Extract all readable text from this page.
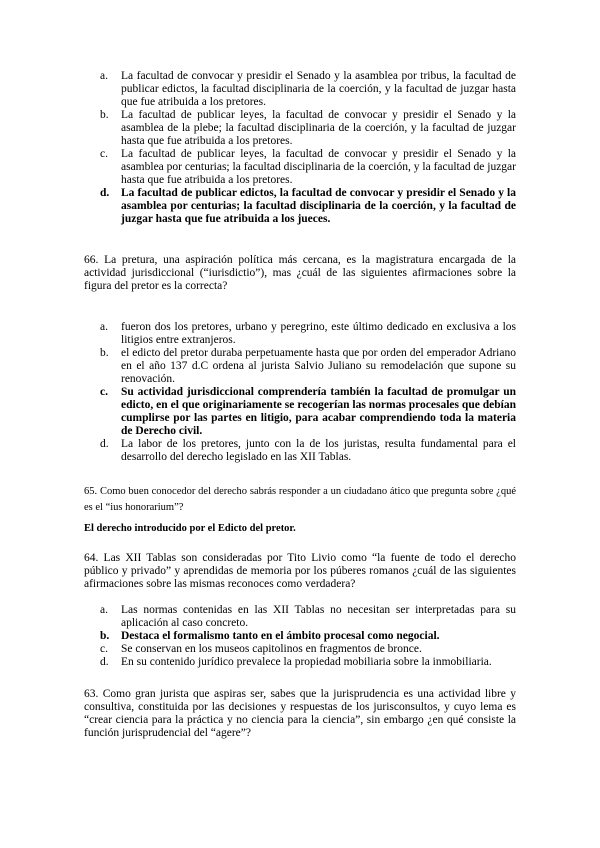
a. La facultad de convocar y presidir el Senado y la asamblea por tribus, la facultad de publicar edictos, la facultad disciplinaria de la coerción, y la facultad de juzgar hasta que fue atribuida a los pretores.
b. La facultad de publicar leyes, la facultad de convocar y presidir el Senado y la asamblea de la plebe; la facultad disciplinaria de la coerción, y la facultad de juzgar hasta que fue atribuida a los pretores.
c. La facultad de publicar leyes, la facultad de convocar y presidir el Senado y la asamblea por centurias; la facultad disciplinaria de la coerción, y la facultad de juzgar hasta que fue atribuida a los pretores.
d. La facultad de publicar edictos, la facultad de convocar y presidir el Senado y la asamblea por centurias; la facultad disciplinaria de la coerción, y la facultad de juzgar hasta que fue atribuida a los jueces.

66. La pretura, una aspiración política más cercana, es la magistratura encargada de la actividad jurisdiccional (“iurisdictio”), mas ¿cuál de las siguientes afirmaciones sobre la figura del pretor es la correcta?

a. fueron dos los pretores, urbano y peregrino, este último dedicado en exclusiva a los litigios entre extranjeros.
b. el edicto del pretor duraba perpetuamente hasta que por orden del emperador Adriano en el año 137 d.C ordena al jurista Salvio Juliano su remodelación que supone su renovación.
c. Su actividad jurisdiccional comprendería también la facultad de promulgar un edicto, en el que originariamente se recogerían las normas procesales que debían cumplirse por las partes en litigio, para acabar comprendiendo toda la materia de Derecho civil.
d. La labor de los pretores, junto con la de los juristas, resulta fundamental para el desarrollo del derecho legislado en las XII Tablas.

65. Como buen conocedor del derecho sabrás responder a un ciudadano ático que pregunta sobre ¿qué es el “ius honorarium”?

El derecho introducido por el Edicto del pretor.

64. Las XII Tablas son consideradas por Tito Livio como “la fuente de todo el derecho público y privado” y aprendidas de memoria por los púberes romanos ¿cuál de las siguientes afirmaciones sobre las mismas reconoces como verdadera?

a. Las normas contenidas en las XII Tablas no necesitan ser interpretadas para su aplicación al caso concreto.
b. Destaca el formalismo tanto en el ámbito procesal como negocial.
c. Se conservan en los museos capitolinos en fragmentos de bronce.
d. En su contenido jurídico prevalece la propiedad mobiliaria sobre la inmobiliaria.

63. Como gran jurista que aspiras ser, sabes que la jurisprudencia es una actividad libre y consultiva, constituida por las decisiones y respuestas de los jurisconsultos, y cuyo lema es “crear ciencia para la práctica y no ciencia para la ciencia”, sin embargo ¿en qué consiste la función jurisprudencial del “agere”?
